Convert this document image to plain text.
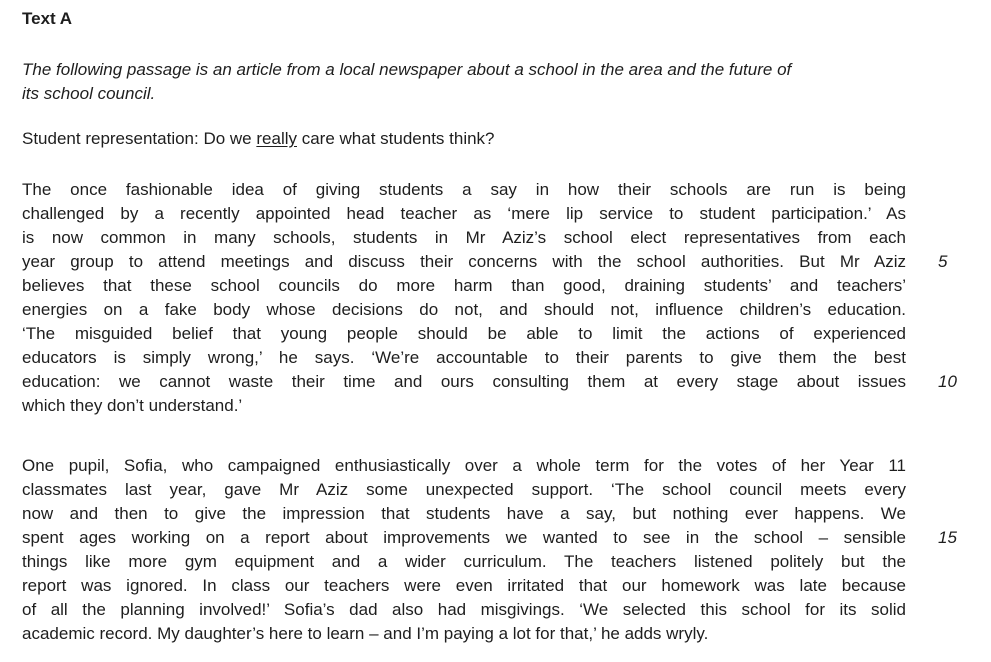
Text A
The following passage is an article from a local newspaper about a school in the area and the future of
its school council.
Student representation: Do we really care what students think?
The once fashionable idea of giving students a say in how their schools are run is being
challenged by a recently appointed head teacher as ‘mere lip service to student participation.’ As
is now common in many schools, students in Mr Aziz’s school elect representatives from each
year group to attend meetings and discuss their concerns with the school authorities. But Mr Aziz 5
believes that these school councils do more harm than good, draining students’ and teachers’
energies on a fake body whose decisions do not, and should not, influence children’s education.
‘The misguided belief that young people should be able to limit the actions of experienced
educators is simply wrong,’ he says. ‘We’re accountable to their parents to give them the best
education: we cannot waste their time and ours consulting them at every stage about issues 10
which they don’t understand.’
One pupil, Sofia, who campaigned enthusiastically over a whole term for the votes of her Year 11
classmates last year, gave Mr Aziz some unexpected support. ‘The school council meets every
now and then to give the impression that students have a say, but nothing ever happens. We
spent ages working on a report about improvements we wanted to see in the school – sensible 15
things like more gym equipment and a wider curriculum. The teachers listened politely but the
report was ignored. In class our teachers were even irritated that our homework was late because
of all the planning involved!’ Sofia’s dad also had misgivings. ‘We selected this school for its solid
academic record. My daughter’s here to learn – and I’m paying a lot for that,’ he adds wryly.
